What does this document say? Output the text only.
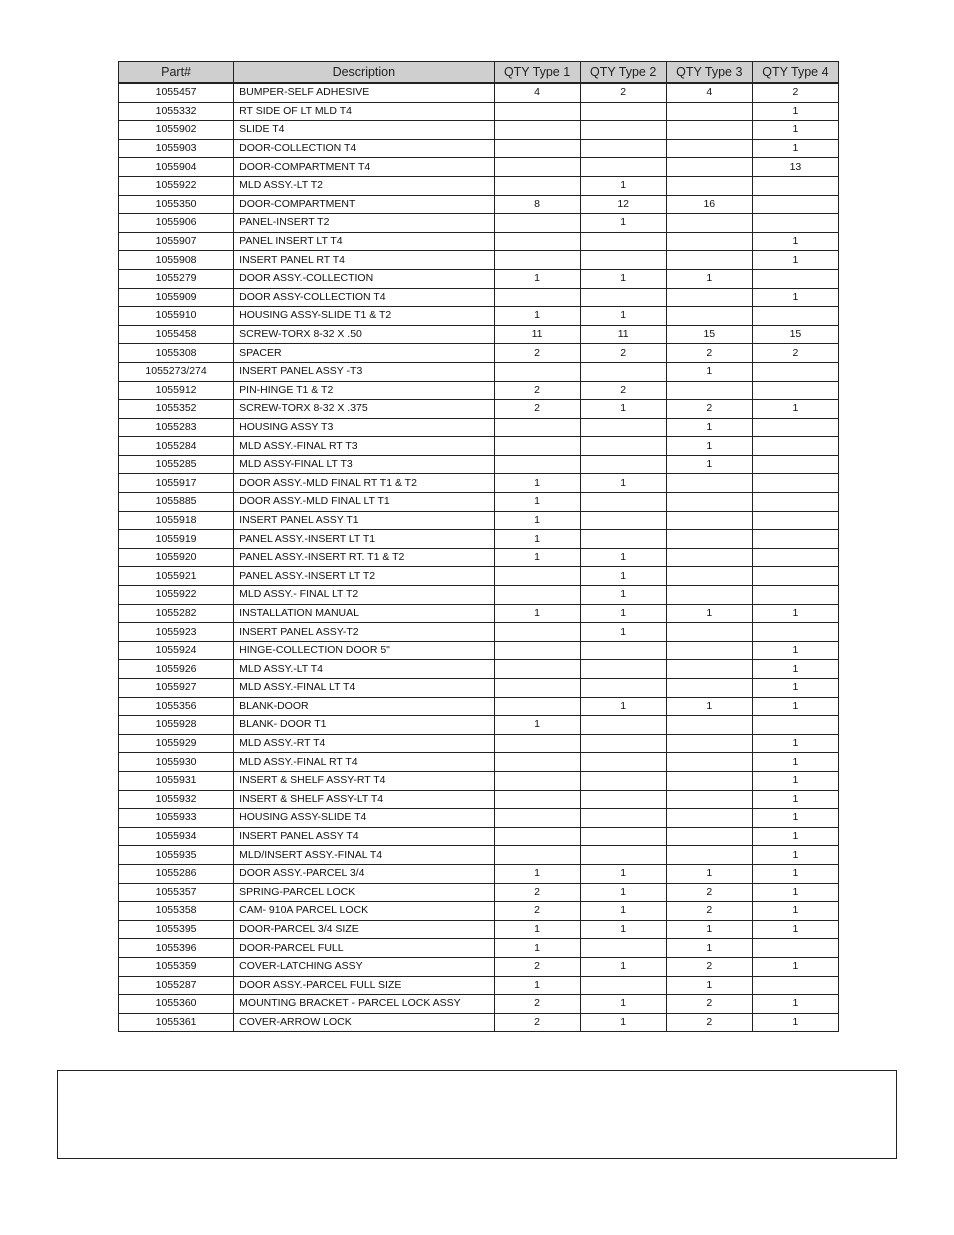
Part#	Description	QTY Type 1	QTY Type 2	QTY Type 3	QTY Type 4
1055457	BUMPER-SELF ADHESIVE	4	2	4	2
1055332	RT SIDE OF LT MLD T4				1
1055902	SLIDE T4				1
1055903	DOOR-COLLECTION T4				1
1055904	DOOR-COMPARTMENT T4				13
1055922	MLD ASSY.-LT T2		1		
1055350	DOOR-COMPARTMENT	8	12	16	
1055906	PANEL-INSERT T2		1		
1055907	PANEL INSERT LT T4				1
1055908	INSERT PANEL RT T4				1
1055279	DOOR ASSY.-COLLECTION	1	1	1	
1055909	DOOR ASSY-COLLECTION T4				1
1055910	HOUSING ASSY-SLIDE T1 & T2	1	1		
1055458	SCREW-TORX 8-32 X .50	11	11	15	15
1055308	SPACER	2	2	2	2
1055273/274	INSERT PANEL ASSY -T3			1	
1055912	PIN-HINGE T1 & T2	2	2		
1055352	SCREW-TORX 8-32 X .375	2	1	2	1
1055283	HOUSING ASSY T3			1	
1055284	MLD ASSY.-FINAL RT T3			1	
1055285	MLD ASSY-FINAL LT T3			1	
1055917	DOOR ASSY.-MLD FINAL RT T1 & T2	1	1		
1055885	DOOR ASSY.-MLD FINAL LT T1	1			
1055918	INSERT PANEL ASSY T1	1			
1055919	PANEL ASSY.-INSERT LT T1	1			
1055920	PANEL ASSY.-INSERT RT. T1 & T2	1	1		
1055921	PANEL ASSY.-INSERT LT T2		1		
1055922	MLD ASSY.- FINAL LT T2		1		
1055282	INSTALLATION MANUAL	1	1	1	1
1055923	INSERT PANEL ASSY-T2		1		
1055924	HINGE-COLLECTION DOOR 5"				1
1055926	MLD ASSY.-LT T4				1
1055927	MLD ASSY.-FINAL LT T4				1
1055356	BLANK-DOOR		1	1	1
1055928	BLANK- DOOR T1	1			
1055929	MLD ASSY.-RT T4				1
1055930	MLD ASSY.-FINAL RT T4				1
1055931	INSERT & SHELF ASSY-RT T4				1
1055932	INSERT & SHELF ASSY-LT T4				1
1055933	HOUSING ASSY-SLIDE T4				1
1055934	INSERT PANEL ASSY T4				1
1055935	MLD/INSERT ASSY.-FINAL T4				1
1055286	DOOR ASSY.-PARCEL 3/4	1	1	1	1
1055357	SPRING-PARCEL LOCK	2	1	2	1
1055358	CAM- 910A PARCEL LOCK	2	1	2	1
1055395	DOOR-PARCEL 3/4 SIZE	1	1	1	1
1055396	DOOR-PARCEL FULL	1		1	
1055359	COVER-LATCHING ASSY	2	1	2	1
1055287	DOOR ASSY.-PARCEL FULL SIZE	1		1	
1055360	MOUNTING BRACKET - PARCEL LOCK ASSY	2	1	2	1
1055361	COVER-ARROW LOCK	2	1	2	1
